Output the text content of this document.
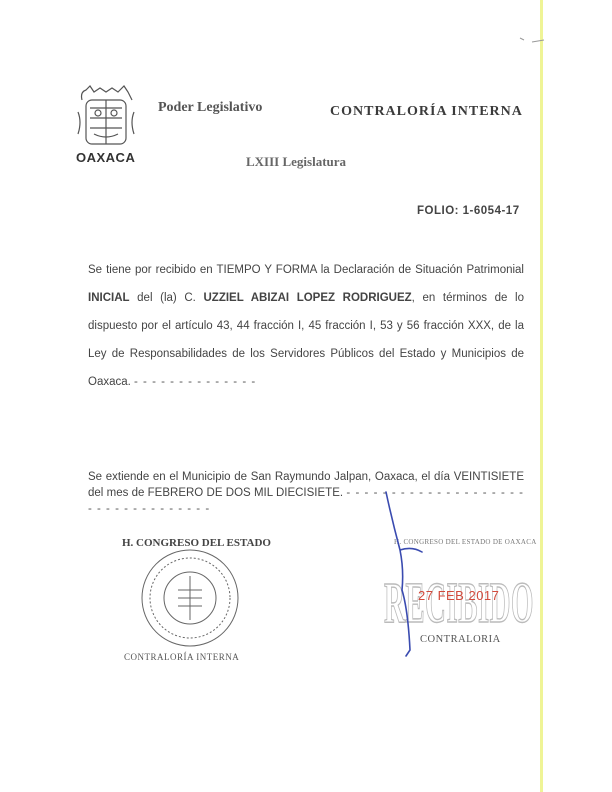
OAXACA
Poder Legislativo	CONTRALORÍA INTERNA
LXIII Legislatura
FOLIO: 1-6054-17
Se tiene por recibido en TIEMPO Y FORMA la Declaración de Situación Patrimonial INICIAL del (la) C. UZZIEL ABIZAI LOPEZ RODRIGUEZ, en términos de lo dispuesto por el artículo 43, 44 fracción I, 45 fracción I, 53 y 56 fracción XXX, de la Ley de Responsabilidades de los Servidores Públicos del Estado y Municipios de Oaxaca. - - - - - - - - - - - - - -
Se extiende en el Municipio de San Raymundo Jalpan, Oaxaca, el día VEINTISIETE del mes de FEBRERO DE DOS MIL DIECISIETE. - - - - - - - - - - - - - - - - - - - - - - - - - - - - - - - - - -
H. CONGRESO DEL ESTADO
CONTRALORÍA INTERNA
H. CONGRESO DEL ESTADO DE OAXACA
RECIBIDO
27 FEB 2017
CONTRALORIA
